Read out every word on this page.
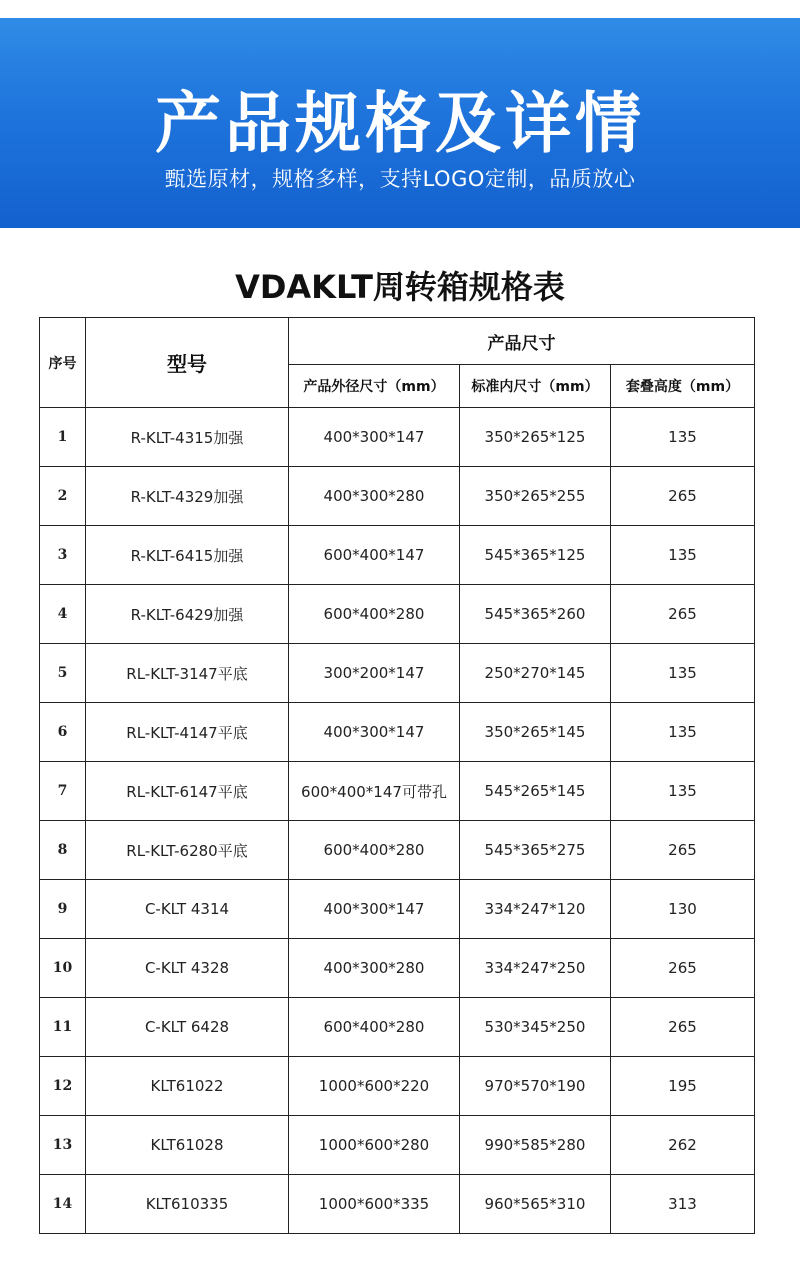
产品规格及详情
甄选原材，规格多样，支持LOGO定制，品质放心
VDAKLT周转箱规格表
序号	型号	产品尺寸		
		产品外径尺寸（mm）	标准内尺寸（mm）	套叠高度（mm）
1	R-KLT-4315加强	400*300*147	350*265*125	135
2	R-KLT-4329加强	400*300*280	350*265*255	265
3	R-KLT-6415加强	600*400*147	545*365*125	135
4	R-KLT-6429加强	600*400*280	545*365*260	265
5	RL-KLT-3147平底	300*200*147	250*270*145	135
6	RL-KLT-4147平底	400*300*147	350*265*145	135
7	RL-KLT-6147平底	600*400*147可带孔	545*265*145	135
8	RL-KLT-6280平底	600*400*280	545*365*275	265
9	C-KLT 4314	400*300*147	334*247*120	130
10	C-KLT 4328	400*300*280	334*247*250	265
11	C-KLT 6428	600*400*280	530*345*250	265
12	KLT61022	1000*600*220	970*570*190	195
13	KLT61028	1000*600*280	990*585*280	262
14	KLT610335	1000*600*335	960*565*310	313
